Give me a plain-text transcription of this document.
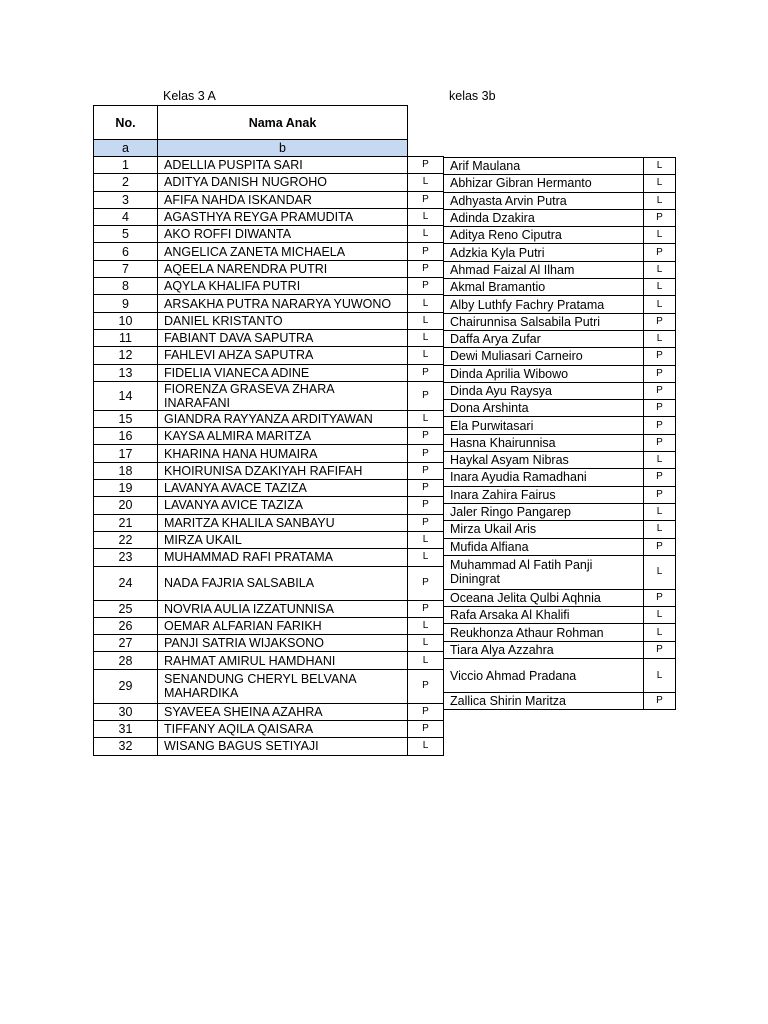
Kelas 3 A	kelas 3b
No.	Nama Anak	
a	b	
1	ADELLIA PUSPITA SARI	P
2	ADITYA DANISH NUGROHO	L
3	AFIFA NAHDA ISKANDAR	P
4	AGASTHYA REYGA PRAMUDITA	L
5	AKO ROFFI DIWANTA	L
6	ANGELICA ZANETA MICHAELA	P
7	AQEELA NARENDRA PUTRI	P
8	AQYLA KHALIFA PUTRI	P
9	ARSAKHA PUTRA NARARYA YUWONO	L
10	DANIEL KRISTANTO	L
11	FABIANT DAVA SAPUTRA	L
12	FAHLEVI AHZA SAPUTRA	L
13	FIDELIA VIANECA ADINE	P
14	FIORENZA GRASEVA ZHARA INARAFANI	P
15	GIANDRA RAYYANZA ARDITYAWAN	L
16	KAYSA ALMIRA MARITZA	P
17	KHARINA HANA HUMAIRA	P
18	KHOIRUNISA DZAKIYAH RAFIFAH	P
19	LAVANYA AVACE TAZIZA	P
20	LAVANYA AVICE TAZIZA	P
21	MARITZA KHALILA SANBAYU	P
22	MIRZA UKAIL	L
23	MUHAMMAD RAFI PRATAMA	L
24	NADA FAJRIA SALSABILA	P
25	NOVRIA AULIA IZZATUNNISA	P
26	OEMAR ALFARIAN FARIKH	L
27	PANJI SATRIA WIJAKSONO	L
28	RAHMAT AMIRUL HAMDHANI	L
29	SENANDUNG CHERYL BELVANA MAHARDIKA	P
30	SYAVEEA SHEINA AZAHRA	P
31	TIFFANY AQILA QAISARA	P
32	WISANG BAGUS SETIYAJI	L
Arif Maulana	L
Abhizar Gibran Hermanto	L
Adhyasta Arvin Putra	L
Adinda Dzakira	P
Aditya Reno Ciputra	L
Adzkia Kyla Putri	P
Ahmad Faizal Al Ilham	L
Akmal Bramantio	L
Alby Luthfy Fachry Pratama	L
Chairunnisa Salsabila Putri	P
Daffa Arya Zufar	L
Dewi Muliasari Carneiro	P
Dinda Aprilia Wibowo	P
Dinda Ayu Raysya	P
Dona Arshinta	P
Ela Purwitasari	P
Hasna Khairunnisa	P
Haykal Asyam Nibras	L
Inara Ayudia Ramadhani	P
Inara Zahira Fairus	P
Jaler Ringo Pangarep	L
Mirza Ukail Aris	L
Mufida Alfiana	P
Muhammad Al Fatih Panji Diningrat	L
Oceana Jelita Qulbi Aqhnia	P
Rafa Arsaka Al Khalifi	L
Reukhonza Athaur Rohman	L
Tiara Alya Azzahra	P
Viccio Ahmad Pradana	L
Zallica Shirin Maritza	P
